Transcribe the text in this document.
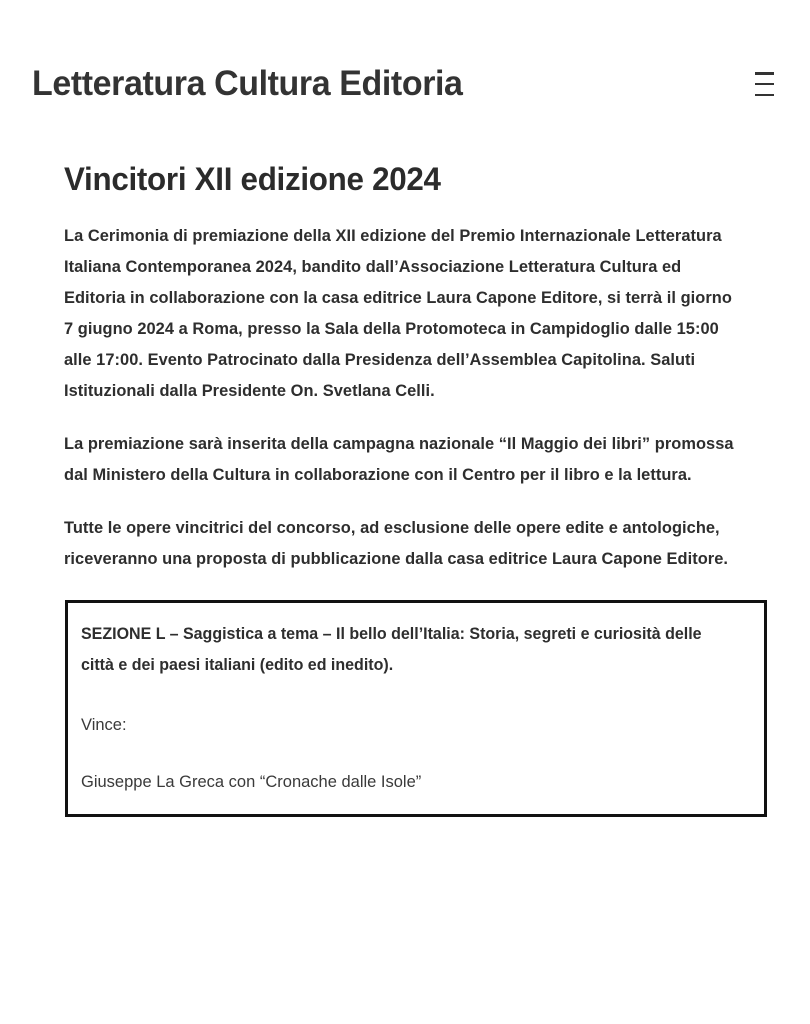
Letteratura Cultura Editoria
Vincitori XII edizione 2024

La Cerimonia di premiazione della XII edizione del Premio Internazionale Letteratura Italiana Contemporanea 2024, bandito dall’Associazione Letteratura Cultura ed Editoria in collaborazione con la casa editrice Laura Capone Editore, si terrà il giorno 7 giugno 2024 a Roma, presso la Sala della Protomoteca in Campidoglio dalle 15:00 alle 17:00. Evento Patrocinato dalla Presidenza dell’Assemblea Capitolina. Saluti Istituzionali dalla Presidente On. Svetlana Celli.

La premiazione sarà inserita della campagna nazionale “Il Maggio dei libri” promossa dal Ministero della Cultura in collaborazione con il Centro per il libro e la lettura.

Tutte le opere vincitrici del concorso, ad esclusione delle opere edite e antologiche, riceveranno una proposta di pubblicazione dalla casa editrice Laura Capone Editore.

SEZIONE L – Saggistica a tema – Il bello dell’Italia: Storia, segreti e curiosità delle città e dei paesi italiani (edito ed inedito).

Vince:

Giuseppe La Greca con “Cronache dalle Isole”
